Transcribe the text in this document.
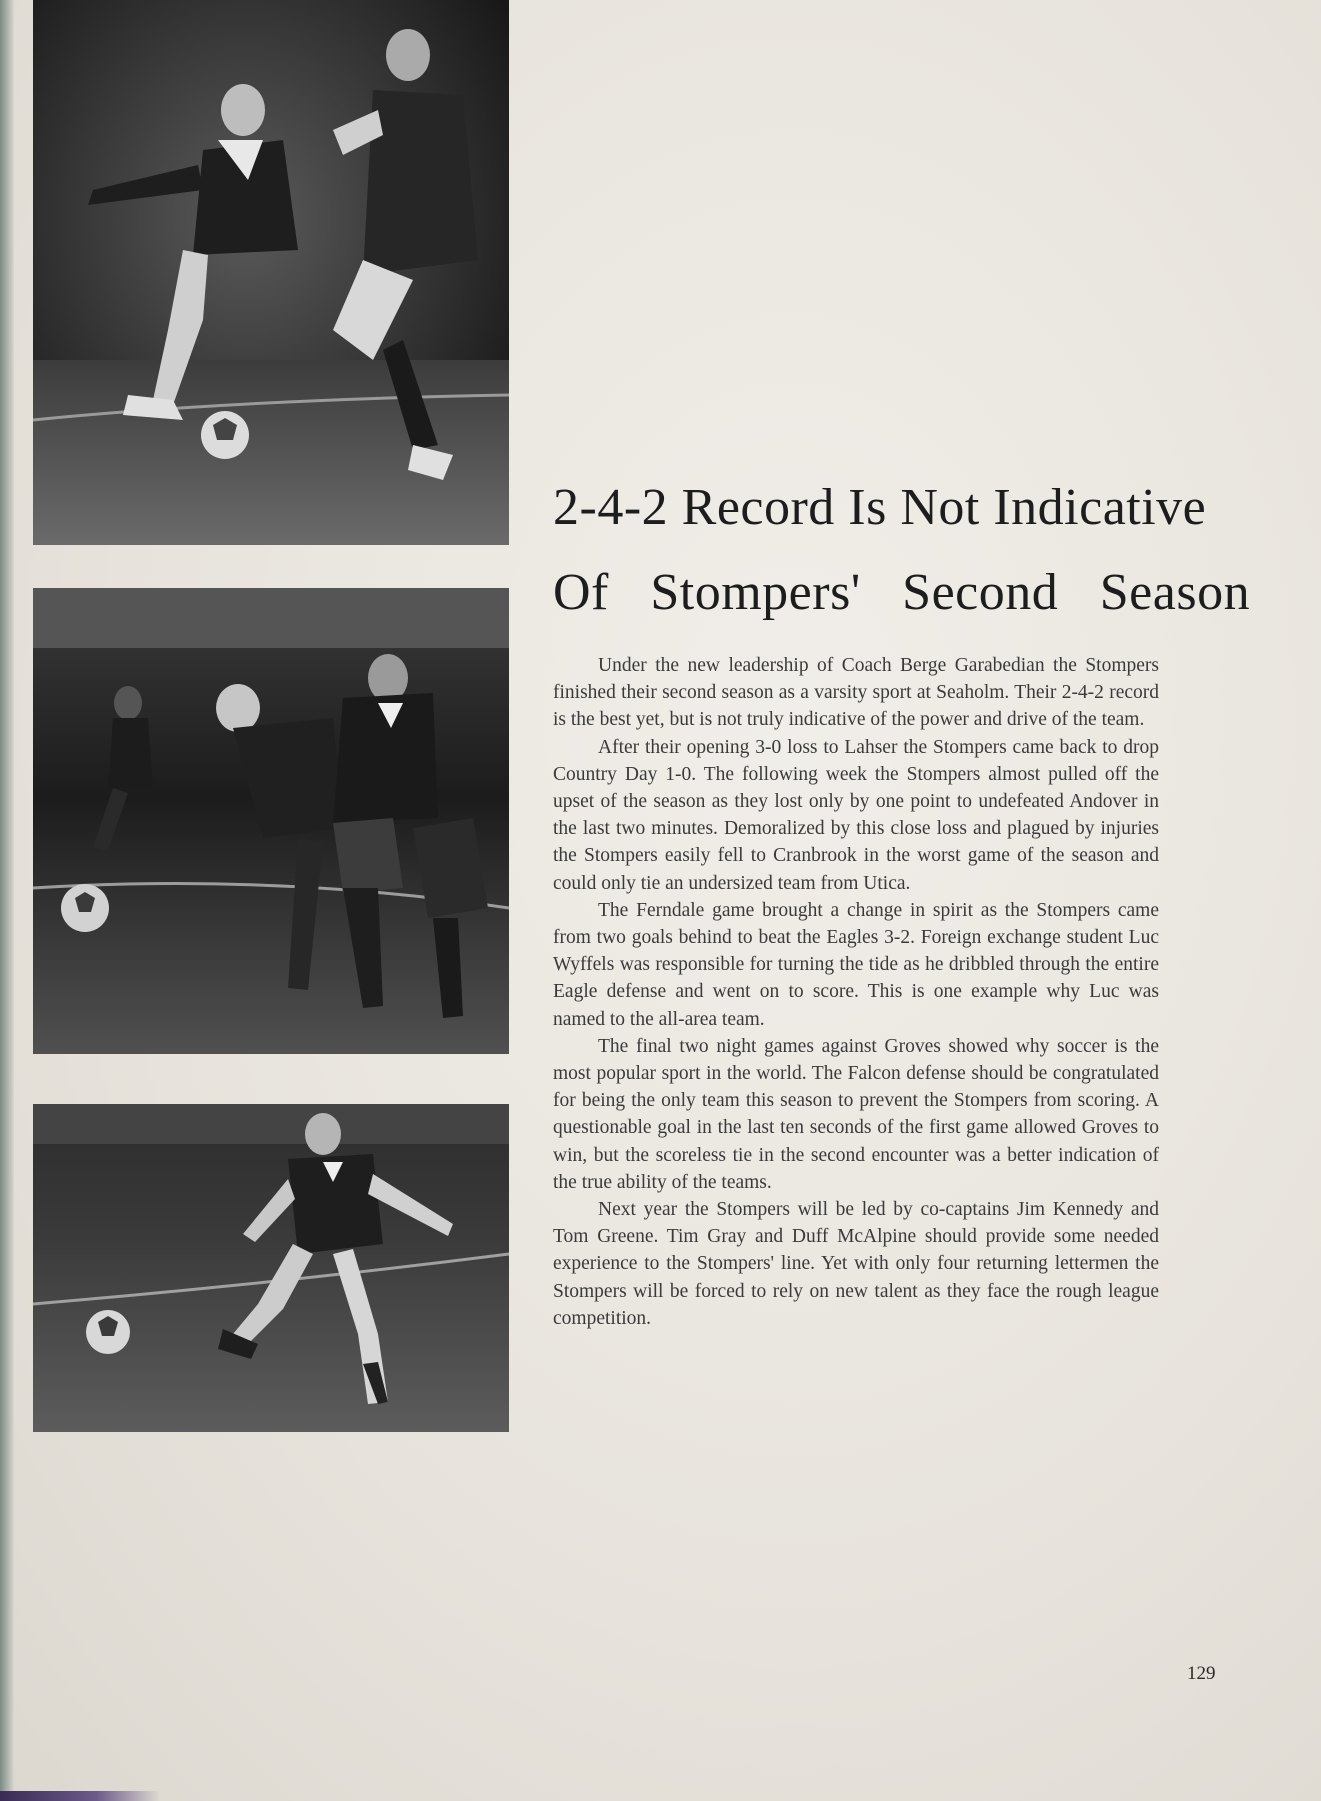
2-4-2 Record Is Not Indicative
Of Stompers' Second Season

Under the new leadership of Coach Berge Garabedian the Stompers finished their second season as a varsity sport at Seaholm. Their 2-4-2 record is the best yet, but is not truly indicative of the power and drive of the team.

After their opening 3-0 loss to Lahser the Stompers came back to drop Country Day 1-0. The following week the Stompers almost pulled off the upset of the season as they lost only by one point to undefeated Andover in the last two minutes. Demoralized by this close loss and plagued by injuries the Stompers easily fell to Cranbrook in the worst game of the season and could only tie an undersized team from Utica.

The Ferndale game brought a change in spirit as the Stompers came from two goals behind to beat the Eagles 3-2. Foreign exchange student Luc Wyffels was responsible for turning the tide as he dribbled through the entire Eagle defense and went on to score. This is one example why Luc was named to the all-area team.

The final two night games against Groves showed why soccer is the most popular sport in the world. The Falcon defense should be congratulated for being the only team this season to prevent the Stompers from scoring. A questionable goal in the last ten seconds of the first game allowed Groves to win, but the scoreless tie in the second encounter was a better indication of the true ability of the teams.

Next year the Stompers will be led by co-captains Jim Kennedy and Tom Greene. Tim Gray and Duff McAlpine should provide some needed experience to the Stompers' line. Yet with only four returning lettermen the Stompers will be forced to rely on new talent as they face the rough league competition.

129
